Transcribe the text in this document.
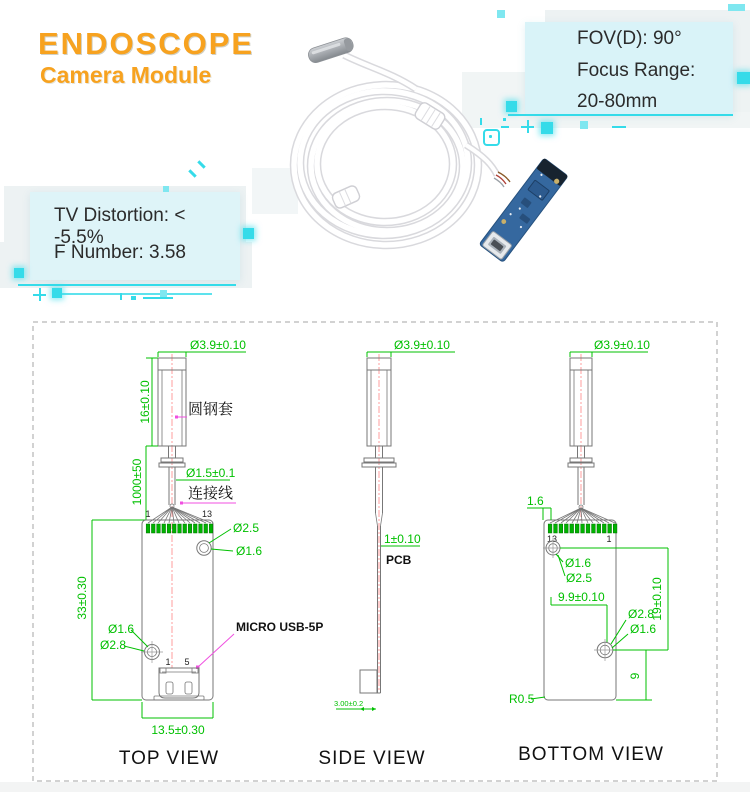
ENDOSCOPE
Camera Module
FOV(D): 90°
Focus Range:
20-80mm
TV Distortion: < -5.5%
F Number: 3.58
Ø3.9±0.10
16±0.10 圆钢套
1000±50	Ø1.5±0.1
连接线
1	13
Ø2.5
Ø1.6
33±0.30
Ø1.6
Ø2.8
MICRO USB-5P
1 5
13.5±0.30
TOP VIEW
Ø3.9±0.10
1±0.10
PCB
3.00±0.2
SIDE VIEW
Ø3.9±0.10
13	1
1.6
Ø1.6
Ø2.5
9.9±0.10
Ø2.8
Ø1.6
19±0.10
9
R0.5
BOTTOM VIEW
